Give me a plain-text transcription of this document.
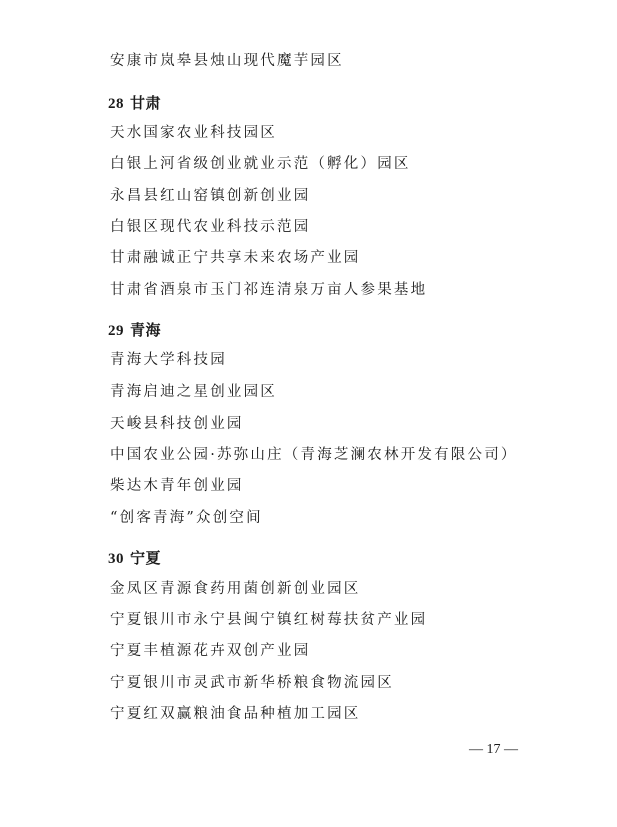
安康市岚皋县烛山现代魔芋园区
28 甘肃
天水国家农业科技园区
白银上河省级创业就业示范（孵化）园区
永昌县红山窑镇创新创业园
白银区现代农业科技示范园
甘肃融诚正宁共享未来农场产业园
甘肃省酒泉市玉门祁连清泉万亩人参果基地
29 青海
青海大学科技园
青海启迪之星创业园区
天峻县科技创业园
中国农业公园·苏弥山庄（青海芝澜农林开发有限公司）
柴达木青年创业园
“创客青海”众创空间
30 宁夏
金凤区青源食药用菌创新创业园区
宁夏银川市永宁县闽宁镇红树莓扶贫产业园
宁夏丰植源花卉双创产业园
宁夏银川市灵武市新华桥粮食物流园区
宁夏红双赢粮油食品种植加工园区
— 17 —
